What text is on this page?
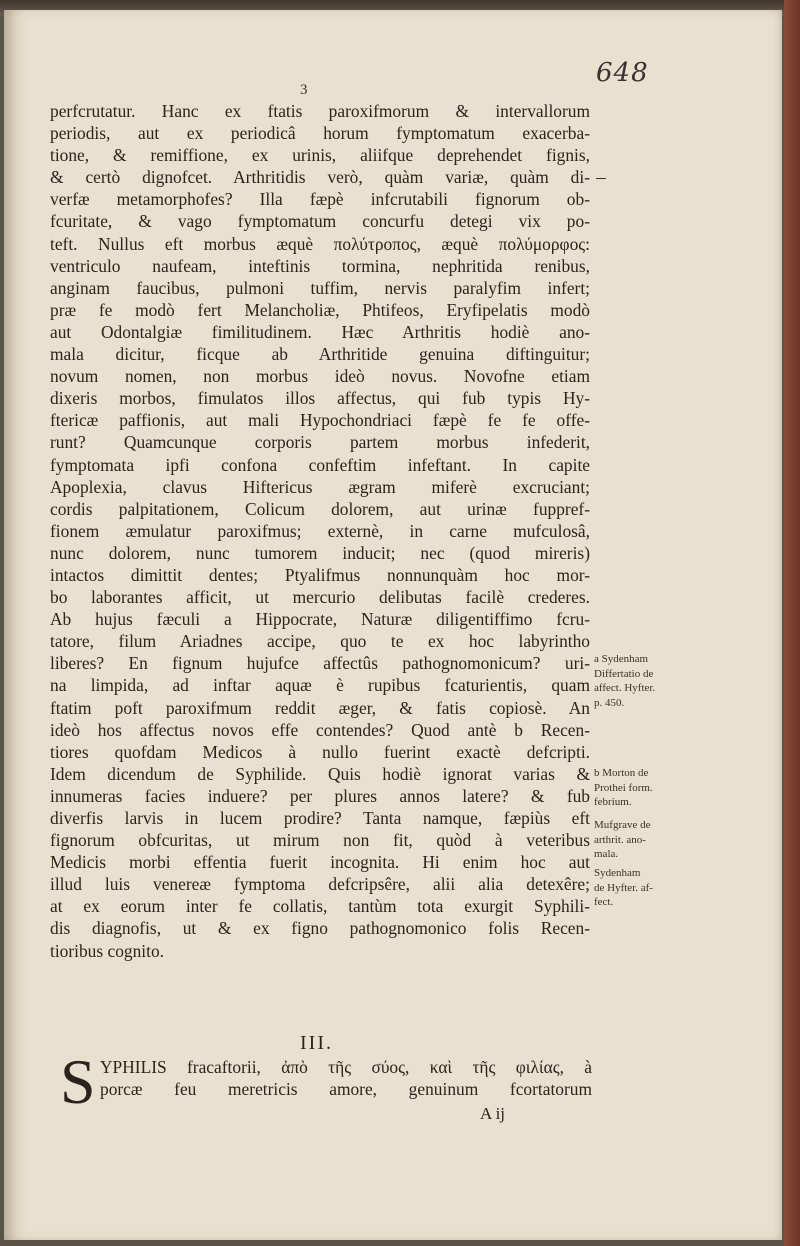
648
3
perfcrutatur. Hanc ex ftatis paroxifmorum & intervallorum
periodis, aut ex periodicâ horum fymptomatum exacerba-
tione, & remiffione, ex urinis, aliifque deprehendet fignis,
& certò dignofcet. Arthritidis verò, quàm variæ, quàm di-
verfæ metamorphofes? Illa fæpè infcrutabili fignorum ob-
fcuritate, & vago fymptomatum concurfu detegi vix po-
teft. Nullus eft morbus æquè πολύτροπος, æquè πολύμορφος:
ventriculo naufeam, inteftinis tormina, nephritida renibus,
anginam faucibus, pulmoni tuffim, nervis paralyfim infert;
præ fe modò fert Melancholiæ, Phtifeos, Eryfipelatis modò
aut Odontalgiæ fimilitudinem. Hæc Arthritis hodiè ano-
mala dicitur, ficque ab Arthritide genuina diftinguitur;
novum nomen, non morbus ideò novus. Novofne etiam
dixeris morbos, fimulatos illos affectus, qui fub typis Hy-
ftericæ paffionis, aut mali Hypochondriaci fæpè fe fe offe-
runt? Quamcunque corporis partem morbus infederit,
fymptomata ipfi confona confeftim infeftant. In capite
Apoplexia, clavus Hiftericus ægram miferè excruciant;
cordis palpitationem, Colicum dolorem, aut urinæ fuppref-
fionem æmulatur paroxifmus; externè, in carne mufculosâ,
nunc dolorem, nunc tumorem inducit; nec (quod mireris)
intactos dimittit dentes; Ptyalifmus nonnunquàm hoc mor-
bo laborantes afficit, ut mercurio delibutas facilè crederes.
Ab hujus fæculi a Hippocrate, Naturæ diligentiffimo fcru-
tatore, filum Ariadnes accipe, quo te ex hoc labyrintho
liberes? En fignum hujufce affectûs pathognomonicum? uri-
na limpida, ad inftar aquæ è rupibus fcaturientis, quam
ftatim poft paroxifmum reddit æger, & fatis copiosè. An
ideò hos affectus novos effe contendes? Quod antè b Recen-
tiores quofdam Medicos à nullo fuerint exactè defcripti.
Idem dicendum de Syphilide. Quis hodiè ignorat varias &
innumeras facies induere? per plures annos latere? & fub
diverfis larvis in lucem prodire? Tanta namque, fæpiùs eft
fignorum obfcuritas, ut mirum non fit, quòd à veteribus
Medicis morbi effentia fuerit incognita. Hi enim hoc aut
illud luis venereæ fymptoma defcripsêre, alii alia detexêre;
at ex eorum inter fe collatis, tantùm tota exurgit Syphili-
dis diagnofis, ut & ex figno pathognomonico folis Recen-
tioribus cognito.
III.
S YPHILIS fracaftorii, ἀπὸ τῆς σύος, καὶ τῆς φιλίας, à
porcæ feu meretricis amore, genuinum fcortatorum
A ij
a Sydenham
Differtatio de
affect. Hyfter.
p. 450.
b Morton de
Prothei form.
febrium.
Mufgrave de
arthrit. ano-
mala.
Sydenham
de Hyfter. af-
fect.
